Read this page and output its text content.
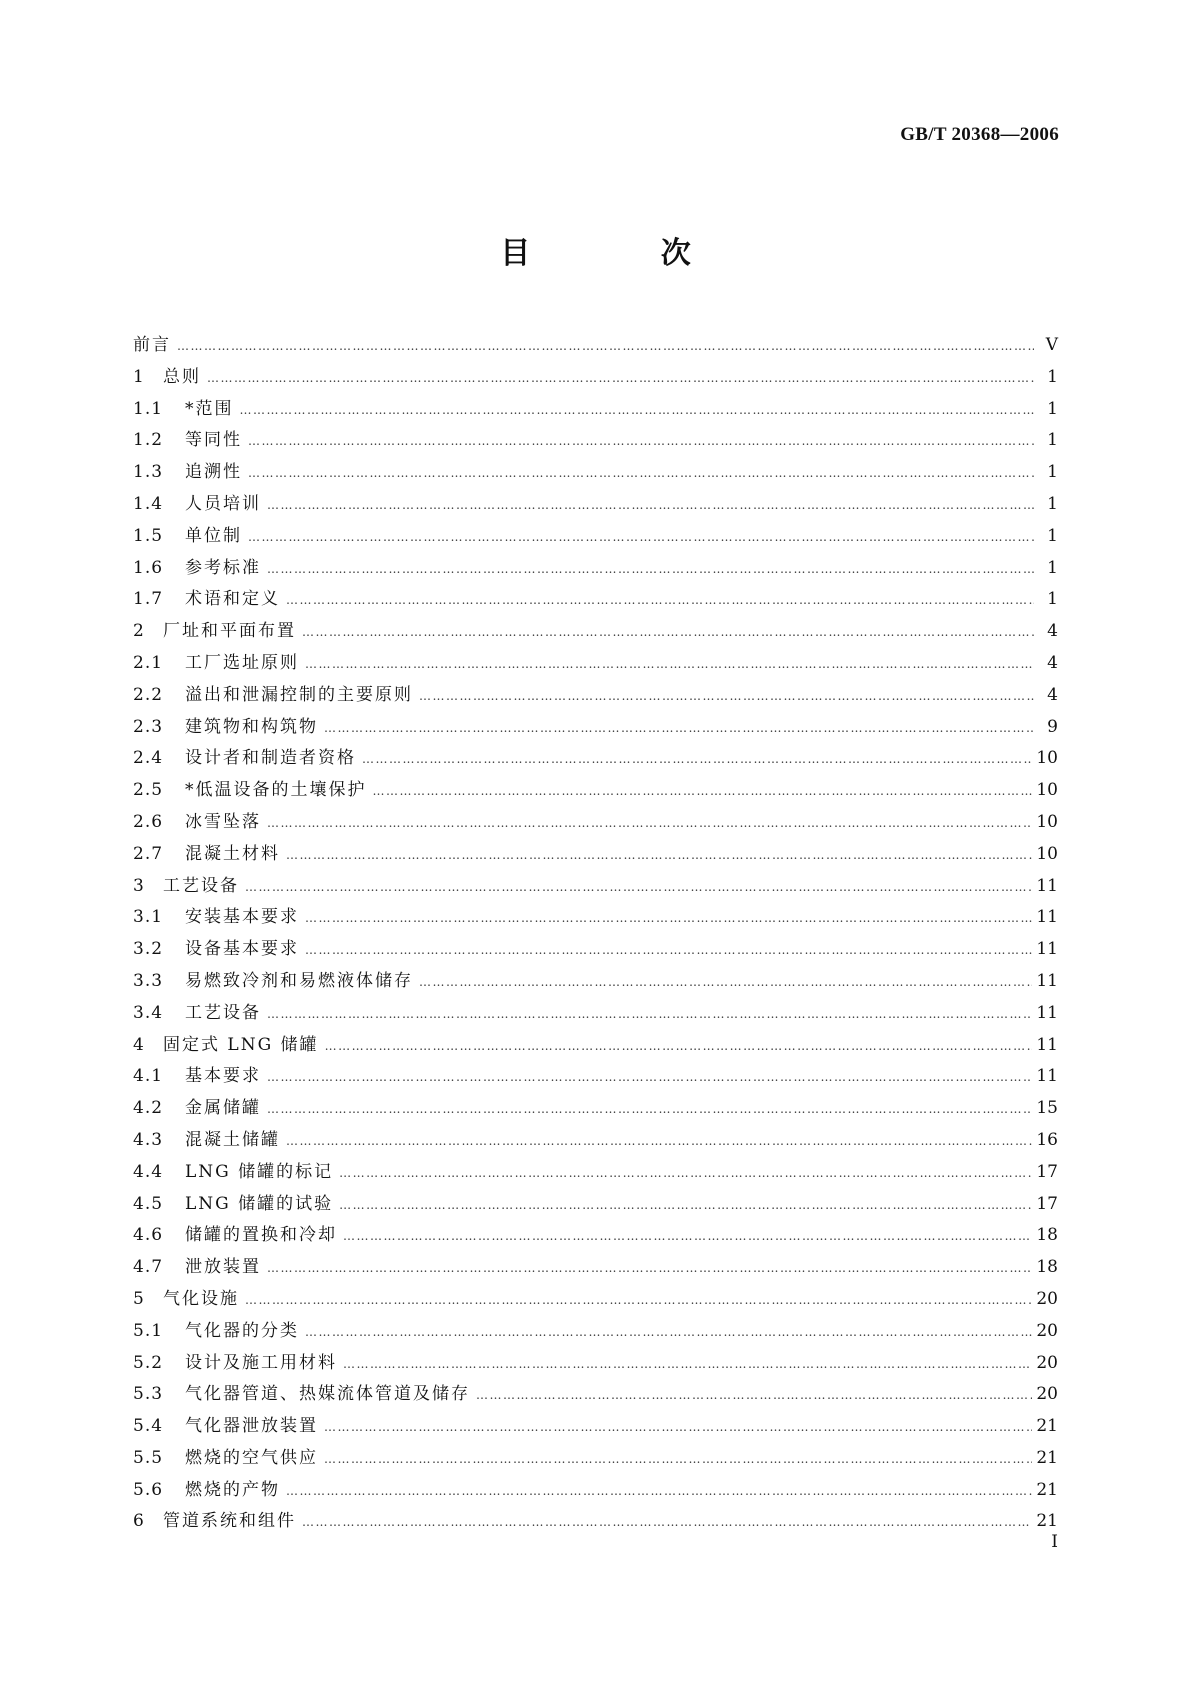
GB/T 20368—2006
目 次
前言 ……………………………………………………………………………………………………………………………………………………………………………………………………………………………………………………	V
1	总则 ……………………………………………………………………………………………………………………………………………………………………………………………………………………………………………………	1
1.1	*范围 ……………………………………………………………………………………………………………………………………………………………………………………………………………………………………………………	1
1.2	等同性 ……………………………………………………………………………………………………………………………………………………………………………………………………………………………………………………	1
1.3	追溯性 ……………………………………………………………………………………………………………………………………………………………………………………………………………………………………………………	1
1.4	人员培训 ……………………………………………………………………………………………………………………………………………………………………………………………………………………………………………………	1
1.5	单位制 ……………………………………………………………………………………………………………………………………………………………………………………………………………………………………………………	1
1.6	参考标准 ……………………………………………………………………………………………………………………………………………………………………………………………………………………………………………………	1
1.7	术语和定义 ……………………………………………………………………………………………………………………………………………………………………………………………………………………………………………………	1
2	厂址和平面布置 ……………………………………………………………………………………………………………………………………………………………………………………………………………………………………………………	4
2.1	工厂选址原则 ……………………………………………………………………………………………………………………………………………………………………………………………………………………………………………………	4
2.2	溢出和泄漏控制的主要原则 ……………………………………………………………………………………………………………………………………………………………………………………………………………………………………………………	4
2.3	建筑物和构筑物 ……………………………………………………………………………………………………………………………………………………………………………………………………………………………………………………	9
2.4	设计者和制造者资格 ……………………………………………………………………………………………………………………………………………………………………………………………………………………………………………………	10
2.5	*低温设备的土壤保护 ……………………………………………………………………………………………………………………………………………………………………………………………………………………………………………………	10
2.6	冰雪坠落 ……………………………………………………………………………………………………………………………………………………………………………………………………………………………………………………	10
2.7	混凝土材料 ……………………………………………………………………………………………………………………………………………………………………………………………………………………………………………………	10
3	工艺设备 ……………………………………………………………………………………………………………………………………………………………………………………………………………………………………………………	11
3.1	安装基本要求 ……………………………………………………………………………………………………………………………………………………………………………………………………………………………………………………	11
3.2	设备基本要求 ……………………………………………………………………………………………………………………………………………………………………………………………………………………………………………………	11
3.3	易燃致冷剂和易燃液体储存 ……………………………………………………………………………………………………………………………………………………………………………………………………………………………………………………	11
3.4	工艺设备 ……………………………………………………………………………………………………………………………………………………………………………………………………………………………………………………	11
4	固定式 LNG 储罐 ……………………………………………………………………………………………………………………………………………………………………………………………………………………………………………………	11
4.1	基本要求 ……………………………………………………………………………………………………………………………………………………………………………………………………………………………………………………	11
4.2	金属储罐 ……………………………………………………………………………………………………………………………………………………………………………………………………………………………………………………	15
4.3	混凝土储罐 ……………………………………………………………………………………………………………………………………………………………………………………………………………………………………………………	16
4.4	LNG 储罐的标记 ……………………………………………………………………………………………………………………………………………………………………………………………………………………………………………………	17
4.5	LNG 储罐的试验 ……………………………………………………………………………………………………………………………………………………………………………………………………………………………………………………	17
4.6	储罐的置换和冷却 ……………………………………………………………………………………………………………………………………………………………………………………………………………………………………………………	18
4.7	泄放装置 ……………………………………………………………………………………………………………………………………………………………………………………………………………………………………………………	18
5	气化设施 ……………………………………………………………………………………………………………………………………………………………………………………………………………………………………………………	20
5.1	气化器的分类 ……………………………………………………………………………………………………………………………………………………………………………………………………………………………………………………	20
5.2	设计及施工用材料 ……………………………………………………………………………………………………………………………………………………………………………………………………………………………………………………	20
5.3	气化器管道、热媒流体管道及储存 ……………………………………………………………………………………………………………………………………………………………………………………………………………………………………………………	20
5.4	气化器泄放装置 ……………………………………………………………………………………………………………………………………………………………………………………………………………………………………………………	21
5.5	燃烧的空气供应 ……………………………………………………………………………………………………………………………………………………………………………………………………………………………………………………	21
5.6	燃烧的产物 ……………………………………………………………………………………………………………………………………………………………………………………………………………………………………………………	21
6	管道系统和组件 ……………………………………………………………………………………………………………………………………………………………………………………………………………………………………………………	21
I
